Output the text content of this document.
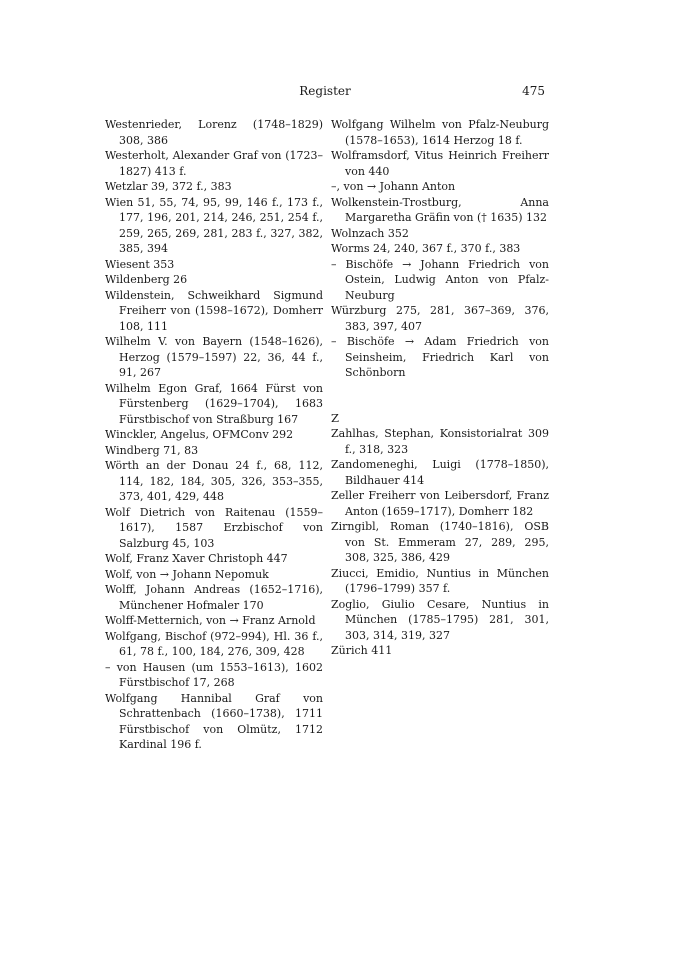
Register	475

Westenrieder, Lorenz (1748–1829) 308, 386

Westerholt, Alexander Graf von (1723–1827) 413 f.

Wetzlar 39, 372 f., 383

Wien 51, 55, 74, 95, 99, 146 f., 173 f., 177, 196, 201, 214, 246, 251, 254 f., 259, 265, 269, 281, 283 f., 327, 382, 385, 394

Wiesent 353

Wildenberg 26

Wildenstein, Schweikhard Sigmund Freiherr von (1598–1672), Domherr 108, 111

Wilhelm V. von Bayern (1548–1626), Herzog (1579–1597) 22, 36, 44 f., 91, 267

Wilhelm Egon Graf, 1664 Fürst von Fürstenberg (1629–1704), 1683 Fürstbischof von Straßburg 167

Winckler, Angelus, OFMConv 292

Windberg 71, 83

Wörth an der Donau 24 f., 68, 112, 114, 182, 184, 305, 326, 353–355, 373, 401, 429, 448

Wolf Dietrich von Raitenau (1559–1617), 1587 Erzbischof von Salzburg 45, 103

Wolf, Franz Xaver Christoph 447

Wolf, von → Johann Nepomuk

Wolff, Johann Andreas (1652–1716), Münchener Hofmaler 170

Wolff-Metternich, von → Franz Arnold

Wolfgang, Bischof (972–994), Hl. 36 f., 61, 78 f., 100, 184, 276, 309, 428

– von Hausen (um 1553–1613), 1602 Fürstbischof 17, 268

Wolfgang Hannibal Graf von Schrattenbach (1660–1738), 1711 Fürstbischof von Olmütz, 1712 Kardinal 196 f.

Wolfgang Wilhelm von Pfalz-Neuburg (1578–1653), 1614 Herzog 18 f.

Wolframsdorf, Vitus Heinrich Freiherr von 440

–, von → Johann Anton

Wolkenstein-Trostburg, Anna Margaretha Gräfin von († 1635) 132

Wolnzach 352

Worms 24, 240, 367 f., 370 f., 383

– Bischöfe → Johann Friedrich von Ostein, Ludwig Anton von Pfalz-Neuburg

Würzburg 275, 281, 367–369, 376, 383, 397, 407

– Bischöfe → Adam Friedrich von Seinsheim, Friedrich Karl von Schönborn

Z

Zahlhas, Stephan, Konsistorialrat 309 f., 318, 323

Zandomeneghi, Luigi (1778–1850), Bildhauer 414

Zeller Freiherr von Leibersdorf, Franz Anton (1659–1717), Domherr 182

Zirngibl, Roman (1740–1816), OSB von St. Emmeram 27, 289, 295, 308, 325, 386, 429

Ziucci, Emidio, Nuntius in München (1796–1799) 357 f.

Zoglio, Giulio Cesare, Nuntius in München (1785–1795) 281, 301, 303, 314, 319, 327

Zürich 411
